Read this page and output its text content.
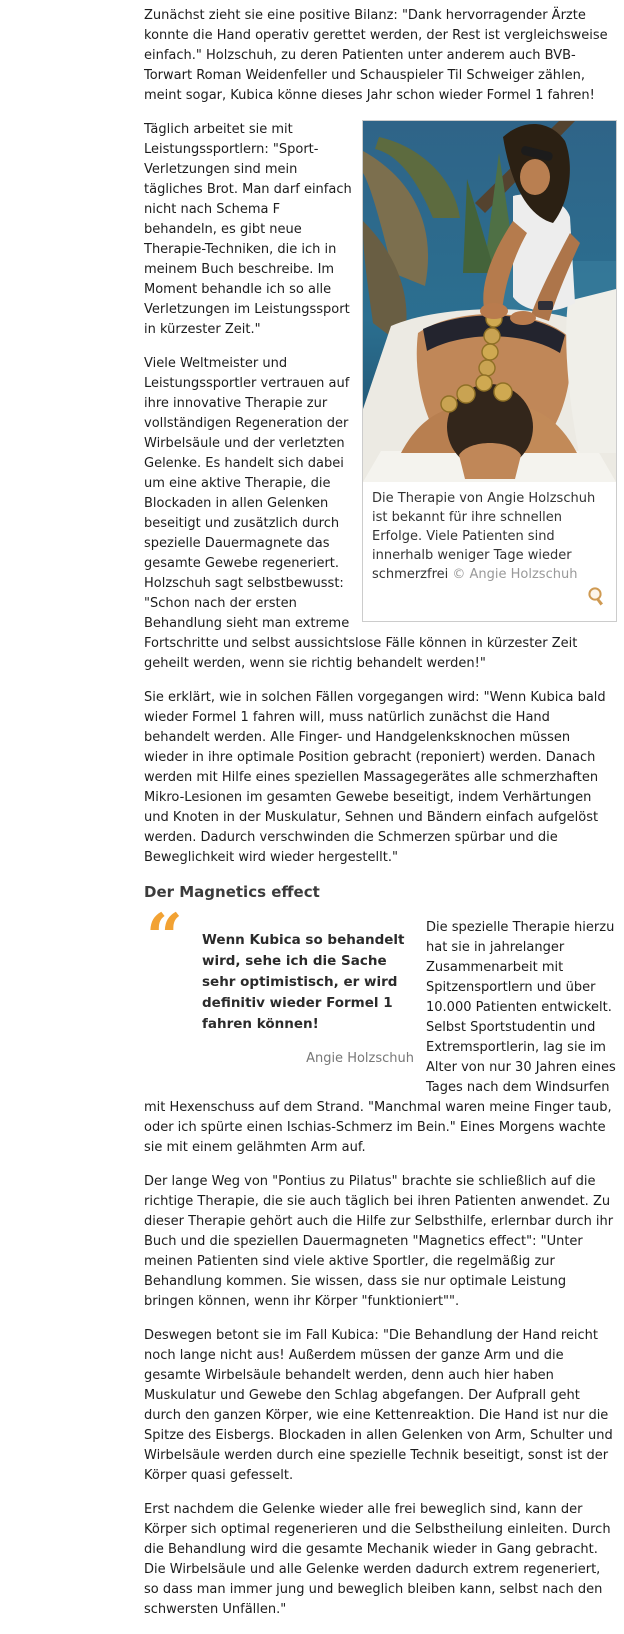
Zunächst zieht sie eine positive Bilanz: "Dank hervorragender Ärzte konnte die Hand operativ gerettet werden, der Rest ist vergleichsweise einfach." Holzschuh, zu deren Patienten unter anderem auch BVB-Torwart Roman Weidenfeller und Schauspieler Til Schweiger zählen, meint sogar, Kubica könne dieses Jahr schon wieder Formel 1 fahren!

Die Therapie von Angie Holzschuh ist bekannt für ihre schnellen Erfolge. Viele Patienten sind innerhalb weniger Tage wieder schmerzfrei © Angie Holzschuh

Täglich arbeitet sie mit Leistungssportlern: "Sport-Verletzungen sind mein tägliches Brot. Man darf einfach nicht nach Schema F behandeln, es gibt neue Therapie-Techniken, die ich in meinem Buch beschreibe. Im Moment behandle ich so alle Verletzungen im Leistungssport in kürzester Zeit."

Viele Weltmeister und Leistungssportler vertrauen auf ihre innovative Therapie zur vollständigen Regeneration der Wirbelsäule und der verletzten Gelenke. Es handelt sich dabei um eine aktive Therapie, die Blockaden in allen Gelenken beseitigt und zusätzlich durch spezielle Dauermagnete das gesamte Gewebe regeneriert. Holzschuh sagt selbstbewusst: "Schon nach der ersten Behandlung sieht man extreme Fortschritte und selbst aussichtslose Fälle können in kürzester Zeit geheilt werden, wenn sie richtig behandelt werden!"

Sie erklärt, wie in solchen Fällen vorgegangen wird: "Wenn Kubica bald wieder Formel 1 fahren will, muss natürlich zunächst die Hand behandelt werden. Alle Finger- und Handgelenksknochen müssen wieder in ihre optimale Position gebracht (reponiert) werden. Danach werden mit Hilfe eines speziellen Massagegerätes alle schmerzhaften Mikro-Lesionen im gesamten Gewebe beseitigt, indem Verhärtungen und Knoten in der Muskulatur, Sehnen und Bändern einfach aufgelöst werden. Dadurch verschwinden die Schmerzen spürbar und die Beweglichkeit wird wieder hergestellt."

Der Magnetics effect
“ Wenn Kubica so behandelt wird, sehe ich die Sache sehr optimistisch, er wird definitiv wieder Formel 1 fahren können!
Angie Holzschuh
Die spezielle Therapie hierzu hat sie in jahrelanger Zusammenarbeit mit Spitzensportlern und über 10.000 Patienten entwickelt. Selbst Sportstudentin und Extremsportlerin, lag sie im Alter von nur 30 Jahren eines Tages nach dem Windsurfen mit Hexenschuss auf dem Strand. "Manchmal waren meine Finger taub, oder ich spürte einen Ischias-Schmerz im Bein." Eines Morgens wachte sie mit einem gelähmten Arm auf.

Der lange Weg von "Pontius zu Pilatus" brachte sie schließlich auf die richtige Therapie, die sie auch täglich bei ihren Patienten anwendet. Zu dieser Therapie gehört auch die Hilfe zur Selbsthilfe, erlernbar durch ihr Buch und die speziellen Dauermagneten "Magnetics effect": "Unter meinen Patienten sind viele aktive Sportler, die regelmäßig zur Behandlung kommen. Sie wissen, dass sie nur optimale Leistung bringen können, wenn ihr Körper "funktioniert"".

Deswegen betont sie im Fall Kubica: "Die Behandlung der Hand reicht noch lange nicht aus! Außerdem müssen der ganze Arm und die gesamte Wirbelsäule behandelt werden, denn auch hier haben Muskulatur und Gewebe den Schlag abgefangen. Der Aufprall geht durch den ganzen Körper, wie eine Kettenreaktion. Die Hand ist nur die Spitze des Eisbergs. Blockaden in allen Gelenken von Arm, Schulter und Wirbelsäule werden durch eine spezielle Technik beseitigt, sonst ist der Körper quasi gefesselt.

Erst nachdem die Gelenke wieder alle frei beweglich sind, kann der Körper sich optimal regenerieren und die Selbstheilung einleiten. Durch die Behandlung wird die gesamte Mechanik wieder in Gang gebracht. Die Wirbelsäule und alle Gelenke werden dadurch extrem regeneriert, so dass man immer jung und beweglich bleiben kann, selbst nach den schwersten Unfällen."
